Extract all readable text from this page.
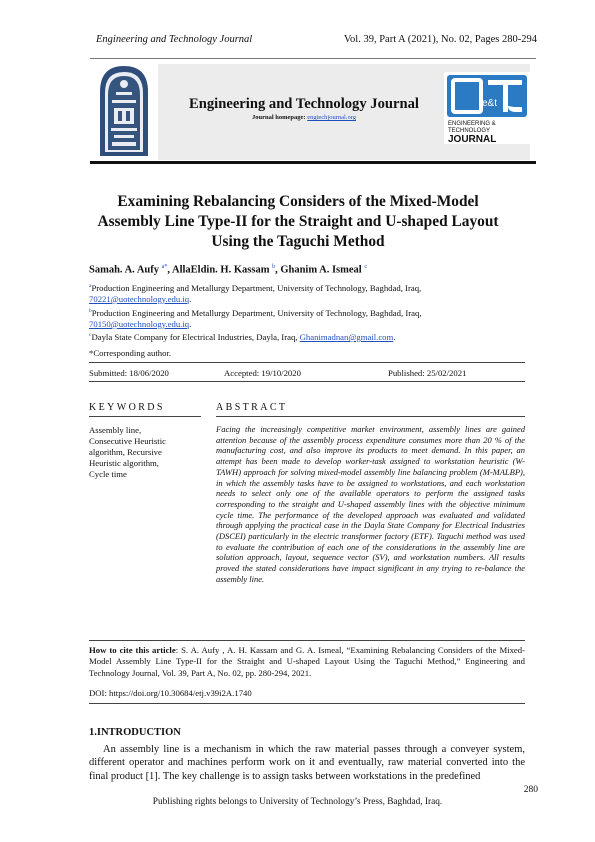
Engineering and Technology Journal	Vol. 39, Part A (2021), No. 02, Pages 280-294
Engineering and Technology Journal
Journal homepage: engtechjournal.org
e&t
ENGINEERING &
TECHNOLOGY
JOURNAL
Examining Rebalancing Considers of the Mixed-Model
Assembly Line Type-II for the Straight and U-shaped Layout
Using the Taguchi Method
Samah. A. Aufy $^{a*}$, AllaEldin. H. Kassam $^b$, Ghanim A. Ismeal $^c$
$^a$Production Engineering and Metallurgy Department, University of Technology, Baghdad, Iraq,
70221@uotechnology.edu.iq.
$^b$Production Engineering and Metallurgy Department, University of Technology, Baghdad, Iraq,
70150@uotechnology.edu.iq.
$^c$Dayla State Company for Electrical Industries, Dayla, Iraq, Ghanimadnan@gmail.com.
*Corresponding author.
Submitted: 18/06/2020	Accepted: 19/10/2020	Published: 25/02/2021
KEYWORDS	ABSTRACT
Assembly line,
Consecutive Heuristic
algorithm, Recursive
Heuristic algorithm,
Cycle time
Facing the increasingly competitive market environment, assembly lines are gained attention because of the assembly process expenditure consumes more than 20 % of the manufacturing cost, and also improve its products to meet demand. In this paper, an attempt has been made to develop worker-task assigned to workstation heuristic (W-TAWH) approach for solving mixed-model assembly line balancing problem (M-MALBP), in which the assembly tasks have to be assigned to workstations, and each workstation needs to select only one of the available operators to perform the assigned tasks corresponding to the straight and U-shaped assembly lines with the objective minimum cycle time. The performance of the developed approach was evaluated and validated through applying the practical case in the Dayla State Company for Electrical Industries (DSCEI) particularly in the electric transformer factory (ETF). Taguchi method was used to evaluate the contribution of each one of the considerations in the assembly line are solution approach, layout, sequence vector (SV), and workstation numbers. All results proved the stated considerations have impact significant in any trying to re-balance the assembly line.
How to cite this article: S. A. Aufy , A. H. Kassam and G. A. Ismeal, “Examining Rebalancing Considers of the Mixed-Model Assembly Line Type-II for the Straight and U-shaped Layout Using the Taguchi Method,” Engineering and Technology Journal, Vol. 39, Part A, No. 02, pp. 280-294, 2021.
DOI: https://doi.org/10.30684/etj.v39i2A.1740
1.INTRODUCTION
An assembly line is a mechanism in which the raw material passes through a conveyer system, different operator and machines perform work on it and eventually, raw material converted into the final product [1]. The key challenge is to assign tasks between workstations in the predefined
280
Publishing rights belongs to University of Technology’s Press, Baghdad, Iraq.
